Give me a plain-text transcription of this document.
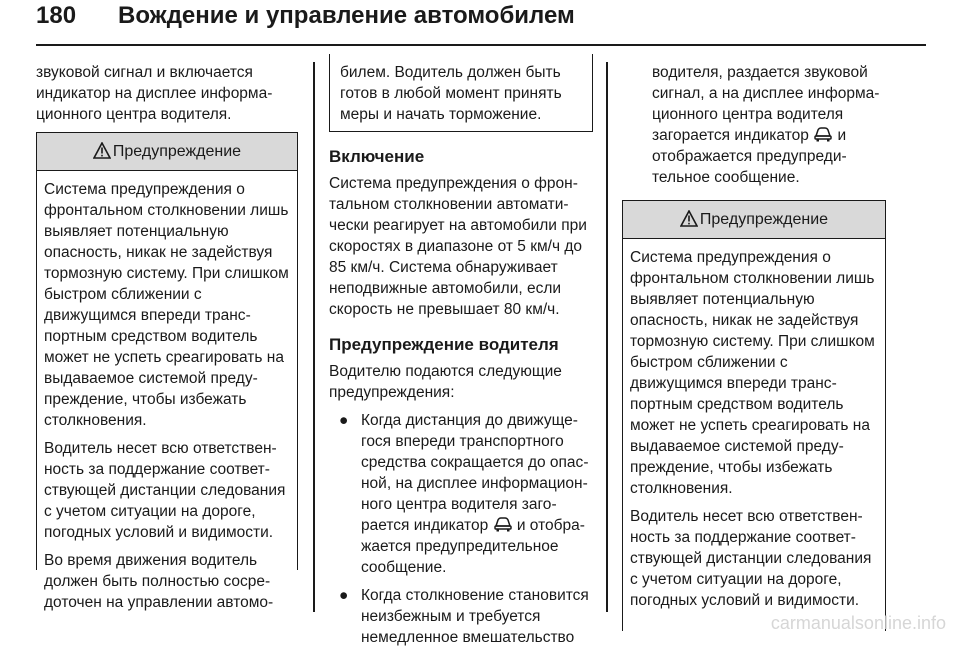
180 Вождение и управление автомобилем

звуковой сигнал и включается индикатор на дисплее информационного центра водителя.

Предупреждение

Система предупреждения о фронтальном столкновении лишь выявляет потенциальную опасность, никак не задействуя тормозную систему. При слишком быстром сближении с движущимся впереди транспортным средством водитель может не успеть среагировать на выдаваемое системой предупреждение, чтобы избежать столкновения.

Водитель несет всю ответственность за поддержание соответствующей дистанции следования с учетом ситуации на дороге, погодных условий и видимости.

Во время движения водитель должен быть полностью сосредоточен на управлении автомо-

билем. Водитель должен быть готов в любой момент принять меры и начать торможение.
Включение

Система предупреждения о фронтальном столкновении автоматически реагирует на автомобили при скоростях в диапазоне от 5 км/ч до 85 км/ч. Система обнаруживает неподвижные автомобили, если скорость не превышает 80 км/ч.

Предупреждение водителя

Водителю подаются следующие предупреждения:

● Когда дистанция до движущегося впереди транспортного средства сокращается до опасной, на дисплее информационного центра водителя загорается индикатор  и отображается предупредительное сообщение.
● Когда столкновение становится неизбежным и требуется немедленное вмешательство

водителя, раздается звуковой сигнал, а на дисплее информационного центра водителя загорается индикатор  и отображается предупредительное сообщение.

Предупреждение

Система предупреждения о фронтальном столкновении лишь выявляет потенциальную опасность, никак не задействуя тормозную систему. При слишком быстром сближении с движущимся впереди транспортным средством водитель может не успеть среагировать на выдаваемое системой предупреждение, чтобы избежать столкновения.

Водитель несет всю ответственность за поддержание соответствующей дистанции следования с учетом ситуации на дороге, погодных условий и видимости.

carmanualsonline.info
